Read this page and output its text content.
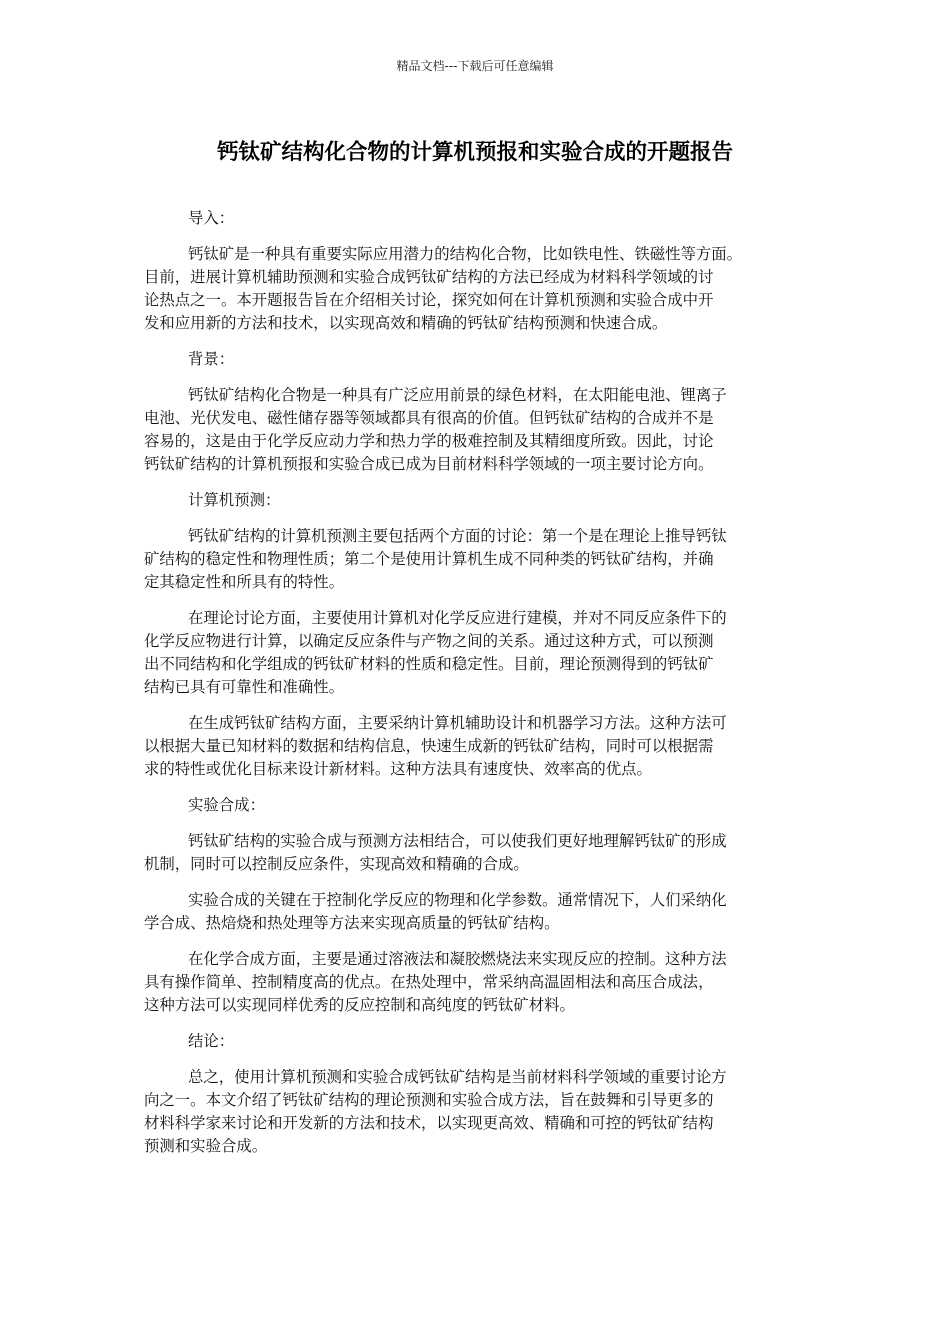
精品文档---下载后可任意编辑
钙钛矿结构化合物的计算机预报和实验合成的开题报告

导入：

钙钛矿是一种具有重要实际应用潜力的结构化合物，比如铁电性、铁磁性等方面。
目前，进展计算机辅助预测和实验合成钙钛矿结构的方法已经成为材料科学领域的讨
论热点之一。本开题报告旨在介绍相关讨论，探究如何在计算机预测和实验合成中开
发和应用新的方法和技术，以实现高效和精确的钙钛矿结构预测和快速合成。

背景：

钙钛矿结构化合物是一种具有广泛应用前景的绿色材料，在太阳能电池、锂离子
电池、光伏发电、磁性储存器等领域都具有很高的价值。但钙钛矿结构的合成并不是
容易的，这是由于化学反应动力学和热力学的极难控制及其精细度所致。因此，讨论
钙钛矿结构的计算机预报和实验合成已成为目前材料科学领域的一项主要讨论方向。

计算机预测：

钙钛矿结构的计算机预测主要包括两个方面的讨论：第一个是在理论上推导钙钛
矿结构的稳定性和物理性质；第二个是使用计算机生成不同种类的钙钛矿结构，并确
定其稳定性和所具有的特性。

在理论讨论方面，主要使用计算机对化学反应进行建模，并对不同反应条件下的
化学反应物进行计算，以确定反应条件与产物之间的关系。通过这种方式，可以预测
出不同结构和化学组成的钙钛矿材料的性质和稳定性。目前，理论预测得到的钙钛矿
结构已具有可靠性和准确性。

在生成钙钛矿结构方面，主要采纳计算机辅助设计和机器学习方法。这种方法可
以根据大量已知材料的数据和结构信息，快速生成新的钙钛矿结构，同时可以根据需
求的特性或优化目标来设计新材料。这种方法具有速度快、效率高的优点。

实验合成：

钙钛矿结构的实验合成与预测方法相结合，可以使我们更好地理解钙钛矿的形成
机制，同时可以控制反应条件，实现高效和精确的合成。

实验合成的关键在于控制化学反应的物理和化学参数。通常情况下，人们采纳化
学合成、热焙烧和热处理等方法来实现高质量的钙钛矿结构。

在化学合成方面，主要是通过溶液法和凝胶燃烧法来实现反应的控制。这种方法
具有操作简单、控制精度高的优点。在热处理中，常采纳高温固相法和高压合成法，
这种方法可以实现同样优秀的反应控制和高纯度的钙钛矿材料。

结论：

总之，使用计算机预测和实验合成钙钛矿结构是当前材料科学领域的重要讨论方
向之一。本文介绍了钙钛矿结构的理论预测和实验合成方法，旨在鼓舞和引导更多的
材料科学家来讨论和开发新的方法和技术，以实现更高效、精确和可控的钙钛矿结构
预测和实验合成。
